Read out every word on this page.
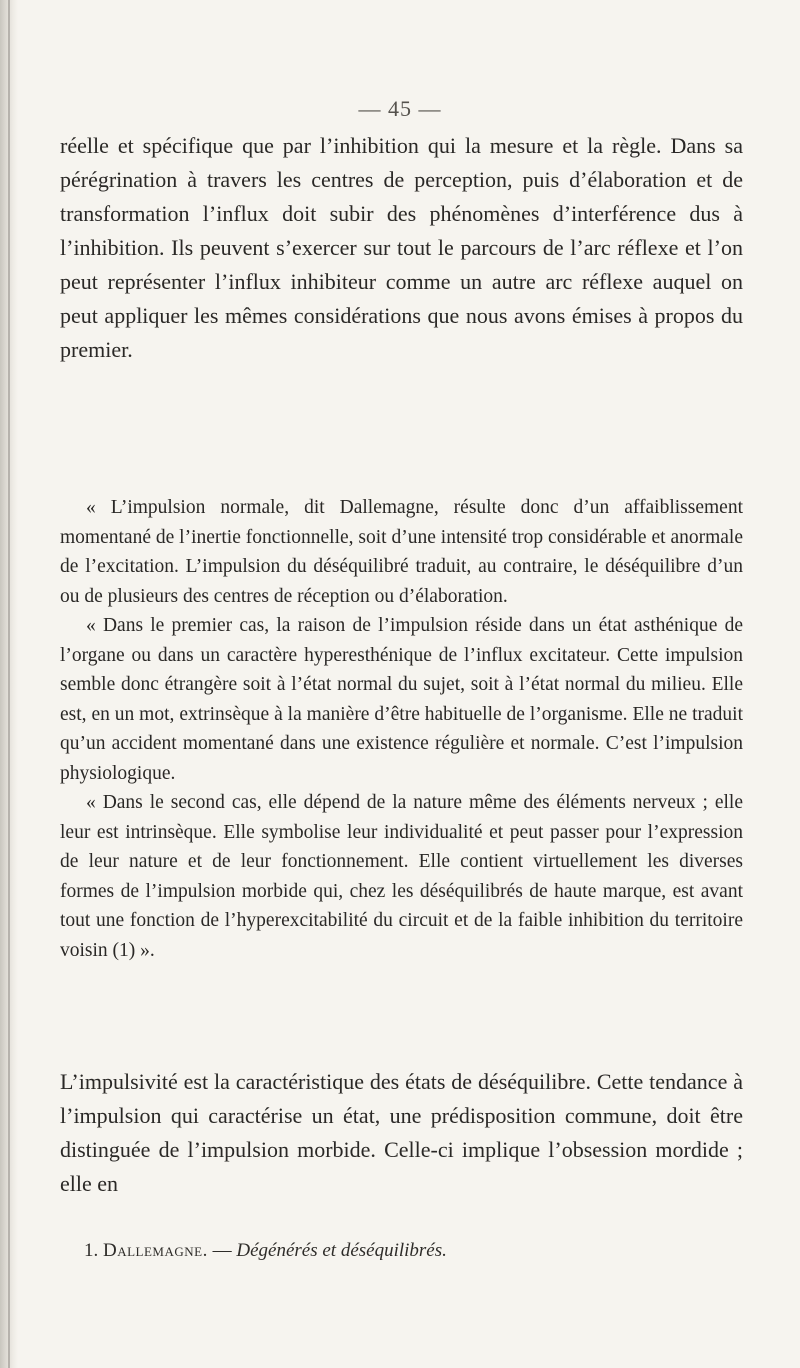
— 45 —

réelle et spécifique que par l’inhibition qui la mesure et la règle. Dans sa pérégrination à travers les centres de perception, puis d’élaboration et de transformation l’influx doit subir des phénomènes d’interférence dus à l’inhibition. Ils peuvent s’exercer sur tout le parcours de l’arc réflexe et l’on peut représenter l’influx inhibiteur comme un autre arc réflexe auquel on peut appliquer les mêmes considérations que nous avons émises à propos du premier.

« L’impulsion normale, dit Dallemagne, résulte donc d’un affaiblissement momentané de l’inertie fonctionnelle, soit d’une intensité trop considérable et anormale de l’excitation. L’impulsion du déséquilibré traduit, au contraire, le déséquilibre d’un ou de plusieurs des centres de réception ou d’élaboration.

« Dans le premier cas, la raison de l’impulsion réside dans un état asthénique de l’organe ou dans un caractère hyperesthénique de l’influx excitateur. Cette impulsion semble donc étrangère soit à l’état normal du sujet, soit à l’état normal du milieu. Elle est, en un mot, extrinsèque à la manière d’être habituelle de l’organisme. Elle ne traduit qu’un accident momentané dans une existence régulière et normale. C’est l’impulsion physiologique.

« Dans le second cas, elle dépend de la nature même des éléments nerveux ; elle leur est intrinsèque. Elle symbolise leur individualité et peut passer pour l’expression de leur nature et de leur fonctionnement. Elle contient virtuellement les diverses formes de l’impulsion morbide qui, chez les déséquilibrés de haute marque, est avant tout une fonction de l’hyperexcitabilité du circuit et de la faible inhibition du territoire voisin (1) ».

L’impulsivité est la caractéristique des états de déséquilibre. Cette tendance à l’impulsion qui caractérise un état, une prédisposition commune, doit être distinguée de l’impulsion morbide. Celle-ci implique l’obsession mordide ; elle en

1. Dallemagne. — Dégénérés et déséquilibrés.
